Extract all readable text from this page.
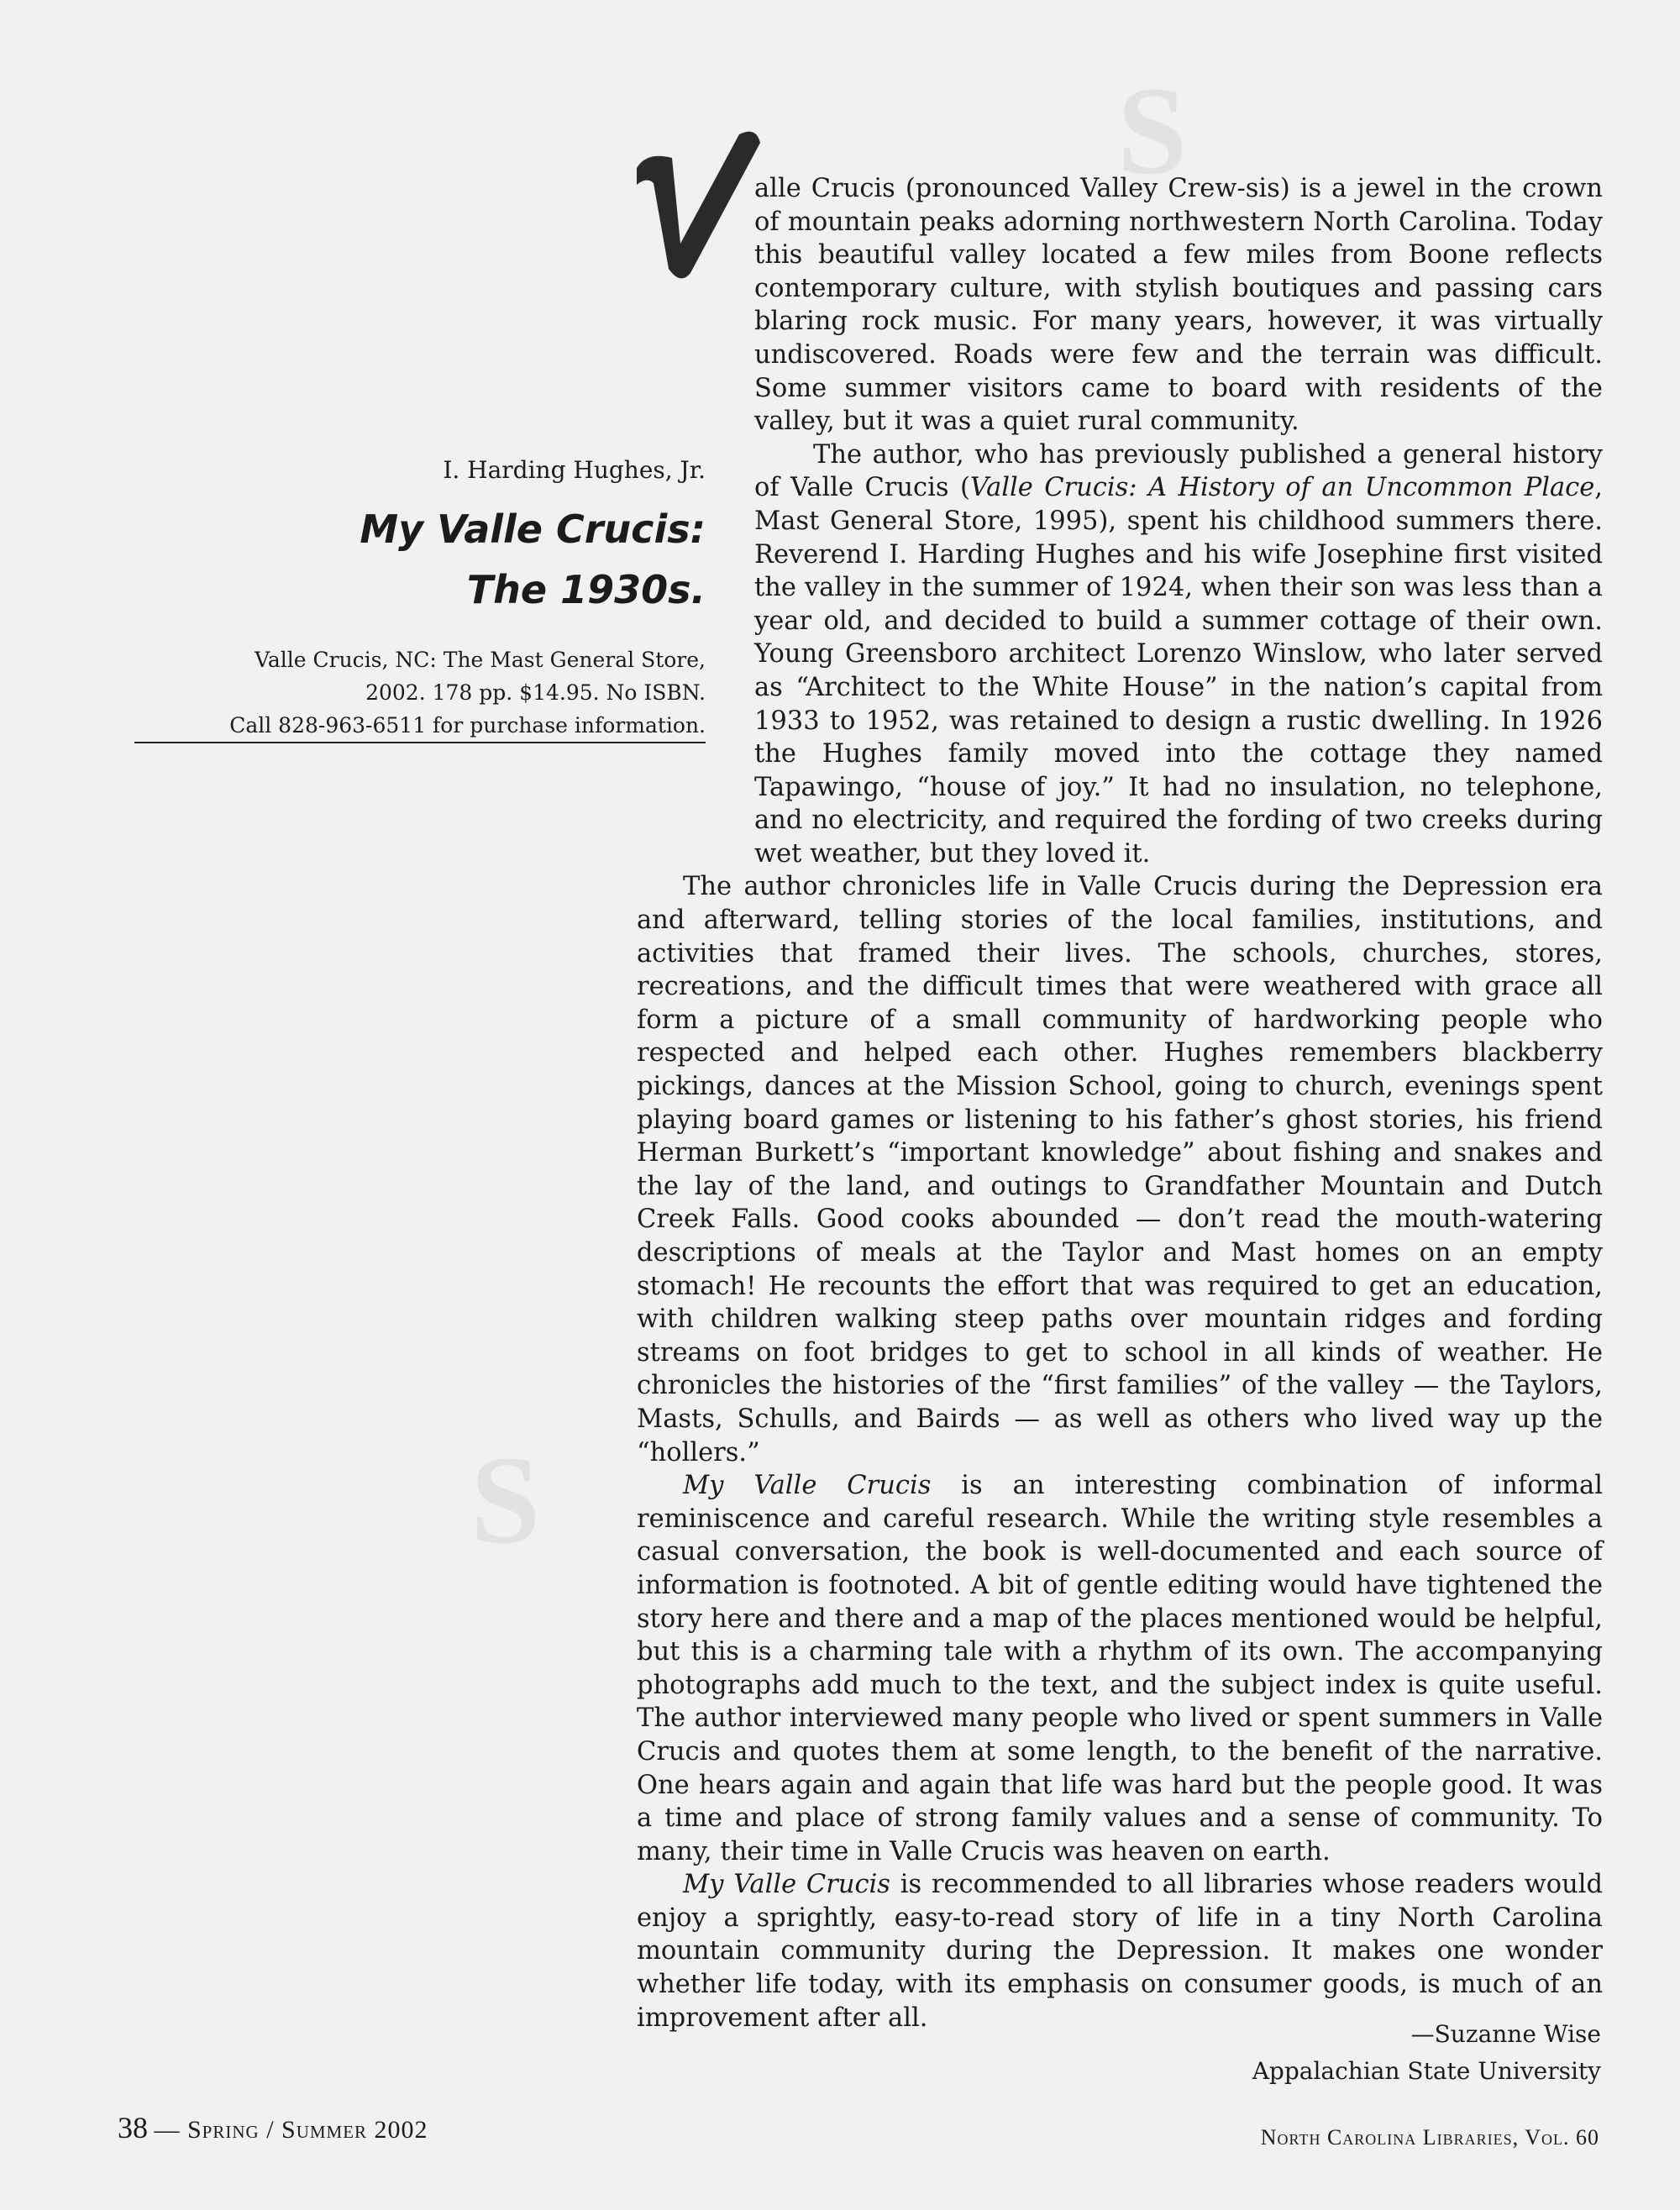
S
S
I. Harding Hughes, Jr.
My Valle Crucis:
The 1930s.
Valle Crucis, NC: The Mast General Store,
2002. 178 pp. $14.95. No ISBN.
Call 828-963-6511 for purchase information.

alle Crucis (pronounced Valley Crew-sis) is a jewel in the crown of mountain peaks adorning northwestern North Carolina. Today this beautiful valley located a few miles from Boone reflects contemporary culture, with stylish boutiques and passing cars blaring rock music. For many years, however, it was virtually undiscovered. Roads were few and the terrain was difficult. Some summer visitors came to board with residents of the valley, but it was a quiet rural community.

The author, who has previously published a general history of Valle Crucis (Valle Crucis: A History of an Uncommon Place, Mast General Store, 1995), spent his childhood summers there. Reverend I. Harding Hughes and his wife Josephine first visited the valley in the summer of 1924, when their son was less than a year old, and decided to build a summer cottage of their own. Young Greensboro architect Lorenzo Winslow, who later served as “Architect to the White House” in the nation’s capital from 1933 to 1952, was retained to design a rustic dwelling. In 1926 the Hughes family moved into the cottage they named Tapawingo, “house of joy.” It had no insulation, no telephone, and no electricity, and required the fording of two creeks during wet weather, but they loved it.

The author chronicles life in Valle Crucis during the Depression era and afterward, telling stories of the local families, institutions, and activities that framed their lives. The schools, churches, stores, recreations, and the difficult times that were weathered with grace all form a picture of a small community of hardworking people who respected and helped each other. Hughes remembers blackberry pickings, dances at the Mission School, going to church, evenings spent playing board games or listening to his father’s ghost stories, his friend Herman Burkett’s “important knowledge” about fishing and snakes and the lay of the land, and outings to Grandfather Mountain and Dutch Creek Falls. Good cooks abounded — don’t read the mouth-watering descriptions of meals at the Taylor and Mast homes on an empty stomach! He recounts the effort that was required to get an education, with children walking steep paths over mountain ridges and fording streams on foot bridges to get to school in all kinds of weather. He chronicles the histories of the “first families” of the valley — the Taylors, Masts, Schulls, and Bairds — as well as others who lived way up the “hollers.”

My Valle Crucis is an interesting combination of informal reminiscence and careful research. While the writing style resembles a casual conversation, the book is well-documented and each source of information is footnoted. A bit of gentle editing would have tightened the story here and there and a map of the places mentioned would be helpful, but this is a charming tale with a rhythm of its own. The accompanying photographs add much to the text, and the subject index is quite useful. The author interviewed many people who lived or spent summers in Valle Crucis and quotes them at some length, to the benefit of the narrative. One hears again and again that life was hard but the people good. It was a time and place of strong family values and a sense of community. To many, their time in Valle Crucis was heaven on earth.

My Valle Crucis is recommended to all libraries whose readers would enjoy a sprightly, easy-to-read story of life in a tiny North Carolina mountain community during the Depression. It makes one wonder whether life today, with its emphasis on consumer goods, is much of an improvement after all.

—Suzanne Wise
Appalachian State University
38 — Spring / Summer 2002	North Carolina Libraries, Vol. 60
